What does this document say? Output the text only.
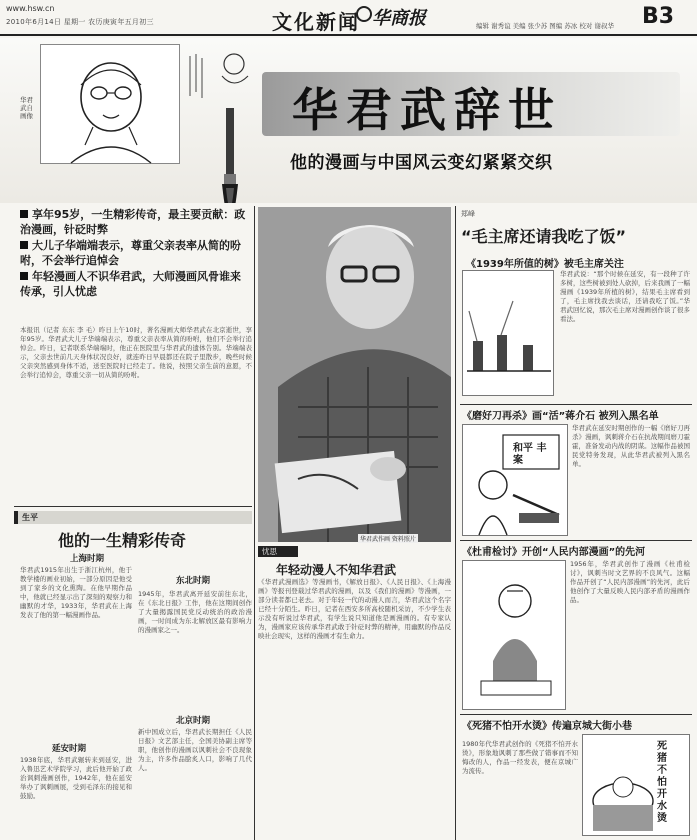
www.hsw.cn
2010年6月14日 星期一 农历庚寅年五月初三	文化新闻 华商报	编辑 谢秀谊 美编 张少苏 图编 苏冰 校对 谢叔华 B3
华君武自画像	华君武辞世
他的漫画与中国风云变幻紧紧交织
享年95岁，一生精彩传奇，最主要贡献：政治漫画，针砭时弊
大儿子华端端表示，尊重父亲表率从简的吩咐，不会举行追悼会
年轻漫画人不识华君武，大师漫画风骨谁来传承，引人忧虑
本报讯（记者 东东 李 毛）昨日上午10时，著名漫画大师华君武在北京逝世，享年95岁。华君武大儿子华端端表示，尊重父亲表率从简的吩咐，他们不会举行追悼会。昨日，记者联系华端端时，他正在医院里与华君武的遗体告别。华端端表示，父亲去世前几天身体状况良好，就连昨日早晨都还在院子里散步，晚些时候父亲突然感到身体不适，送至医院时已经走了。他说，按照父亲生前的意愿，不会举行追悼会，尊重父亲一切从简的吩咐。
生平
他的一生精彩传奇
上海时期
华君武1915年出生于浙江杭州，他于教学楼的画业初始，一部分原因是他受到了家乡的文化熏陶。在他早期作品中，他就已经显示出了深刻的观察力和幽默的才华，1933年，华君武在上海发表了他的第一幅漫画作品。
延安时期
1938年底，华君武辗转来到延安，进入鲁迅艺术学院学习，此后他开始了政治讽刺漫画创作，1942年，他在延安举办了讽刺画展，受到毛泽东的接见和鼓励。
东北时期
1945年，华君武离开延安前往东北，在《东北日报》工作，他在这期间创作了大量揭露国民党反动统治的政治漫画，一时间成为东北解放区最有影响力的漫画家之一。
北京时期
新中国成立后，华君武长期担任《人民日报》文艺部主任，全国美协副主席等职，他创作的漫画以讽刺社会不良现象为主，许多作品脍炙人口，影响了几代人。
华君武作画 资料照片
忧思
年轻动漫人不知华君武
《华君武漫画选》等漫画书，《解放日报》、《人民日报》、《上海漫画》等报刊登载过华君武的漫画，以及《我们的漫画》等漫画，一部分读者都已老去。对于年轻一代的动漫人而言，华君武这个名字已经十分陌生。昨日，记者在西安多所高校随机采访，不少学生表示没有听说过华君武，有学生说只知道他是画漫画的。有专家认为，漫画家应该传承华君武敢于针砭时弊的精神，用幽默的作品反映社会现实，这样的漫画才有生命力。
郑峰
“毛主席还请我吃了饭”
《1939年所值的树》被毛主席关注
华君武说：“那个时候在延安，有一段种了许多树，这些树被到处人砍掉，后来我画了一幅漫画《1939年所植的树》，结果毛主席看到了，毛主席找我去谈话，还请我吃了饭。”华君武回忆说，那次毛主席对漫画创作谈了很多看法。
《磨好刀再杀》画“活”蒋介石 被列入黑名单
和平 丰案
华君武在延安时期创作的一幅《磨好刀再杀》漫画，讽刺蒋介石在抗战期间磨刀霍霍，准备发动内战的阴谋。这幅作品被国民党特务发现，从此华君武被列入黑名单。
《杜甫检讨》开创“人民内部漫画”的先河
1956年，华君武创作了漫画《杜甫检讨》，讽刺当时文艺界的不良风气。这幅作品开创了“人民内部漫画”的先河，此后他创作了大量反映人民内部矛盾的漫画作品。
《死猪不怕开水烫》传遍京城大街小巷
死猪不怕开水烫
1980年代华君武创作的《死猪不怕开水烫》，形象地讽刺了那些做了错事而不知悔改的人，作品一经发表，便在京城广为流传。
